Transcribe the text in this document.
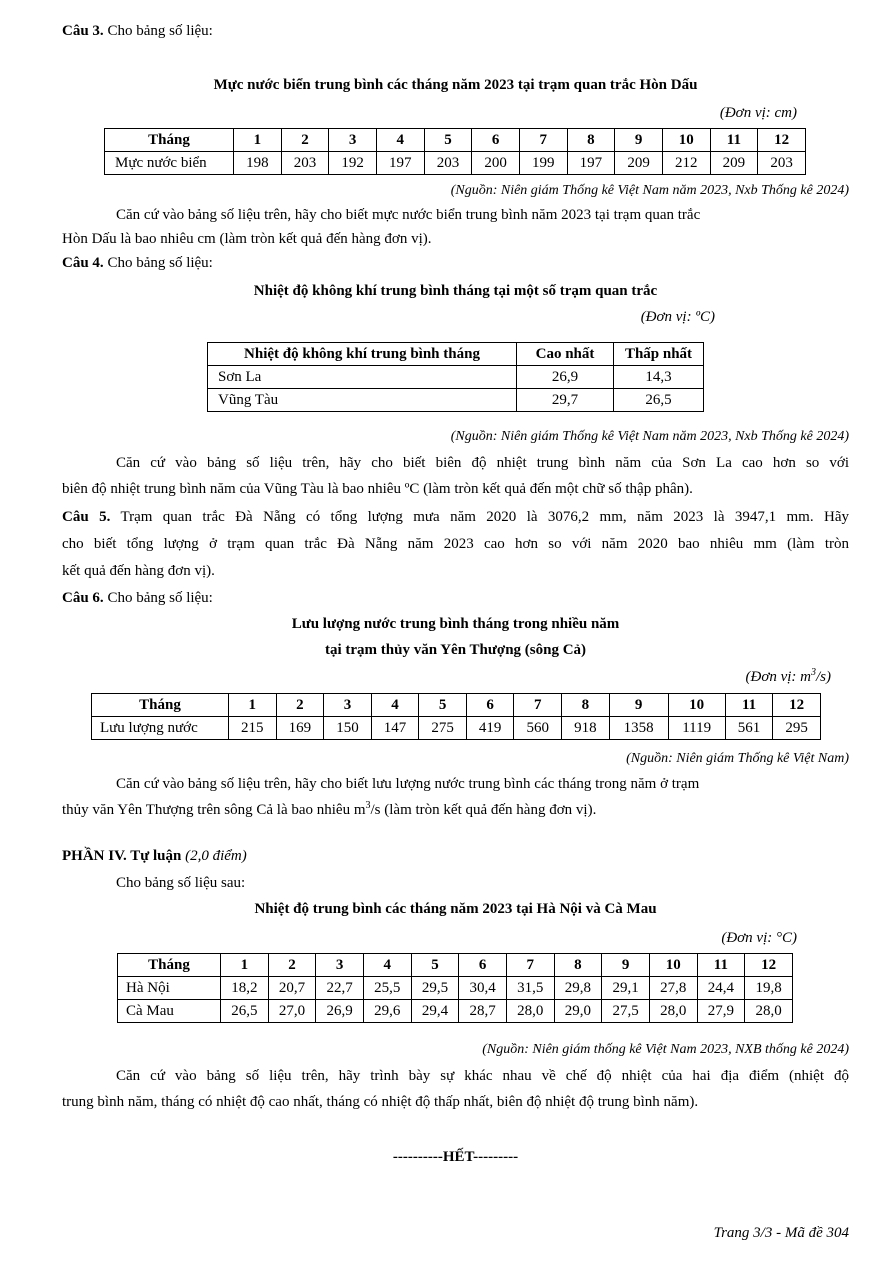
Câu 3. Cho bảng số liệu:
Mực nước biển trung bình các tháng năm 2023 tại trạm quan trắc Hòn Dấu
(Đơn vị: cm)
Tháng	1	2	3	4	5	6	7	8	9	10	11	12
Mực nước biển	198	203	192	197	203	200	199	197	209	212	209	203
(Nguồn: Niên giám Thống kê Việt Nam năm 2023, Nxb Thống kê 2024)
Căn cứ vào bảng số liệu trên, hãy cho biết mực nước biển trung bình năm 2023 tại trạm quan trắc
Hòn Dấu là bao nhiêu cm (làm tròn kết quả đến hàng đơn vị).
Câu 4. Cho bảng số liệu:
Nhiệt độ không khí trung bình tháng tại một số trạm quan trắc
(Đơn vị: ºC)
Nhiệt độ không khí trung bình tháng	Cao nhất	Thấp nhất
Sơn La	26,9	14,3
Vũng Tàu	29,7	26,5
(Nguồn: Niên giám Thống kê Việt Nam năm 2023, Nxb Thống kê 2024)
Căn cứ vào bảng số liệu trên, hãy cho biết biên độ nhiệt trung bình năm của Sơn La cao hơn so với
biên độ nhiệt trung bình năm của Vũng Tàu là bao nhiêu ºC (làm tròn kết quả đến một chữ số thập phân).
Câu 5. Trạm quan trắc Đà Nẵng có tổng lượng mưa năm 2020 là 3076,2 mm, năm 2023 là 3947,1 mm. Hãy
cho biết tổng lượng ở trạm quan trắc Đà Nẵng năm 2023 cao hơn so với năm 2020 bao nhiêu mm (làm tròn
kết quả đến hàng đơn vị).
Câu 6. Cho bảng số liệu:
Lưu lượng nước trung bình tháng trong nhiều năm
tại trạm thủy văn Yên Thượng (sông Cả)
(Đơn vị: $m^3/s$)
Tháng	1	2	3	4	5	6	7	8	9	10	11	12
Lưu lượng nước	215	169	150	147	275	419	560	918	1358	1119	561	295
(Nguồn: Niên giám Thống kê Việt Nam)
Căn cứ vào bảng số liệu trên, hãy cho biết lưu lượng nước trung bình các tháng trong năm ở trạm
thủy văn Yên Thượng trên sông Cả là bao nhiêu $m^3/s$ (làm tròn kết quả đến hàng đơn vị).
PHẦN IV. Tự luận (2,0 điểm)
Cho bảng số liệu sau:
Nhiệt độ trung bình các tháng năm 2023 tại Hà Nội và Cà Mau
(Đơn vị: °C)
Tháng	1	2	3	4	5	6	7	8	9	10	11	12
Hà Nội	18,2	20,7	22,7	25,5	29,5	30,4	31,5	29,8	29,1	27,8	24,4	19,8
Cà Mau	26,5	27,0	26,9	29,6	29,4	28,7	28,0	29,0	27,5	28,0	27,9	28,0
(Nguồn: Niên giám thống kê Việt Nam 2023, NXB thống kê 2024)
Căn cứ vào bảng số liệu trên, hãy trình bày sự khác nhau về chế độ nhiệt của hai địa điểm (nhiệt độ
trung bình năm, tháng có nhiệt độ cao nhất, tháng có nhiệt độ thấp nhất, biên độ nhiệt độ trung bình năm).
----------HẾT---------
Trang 3/3 - Mã đề 304
